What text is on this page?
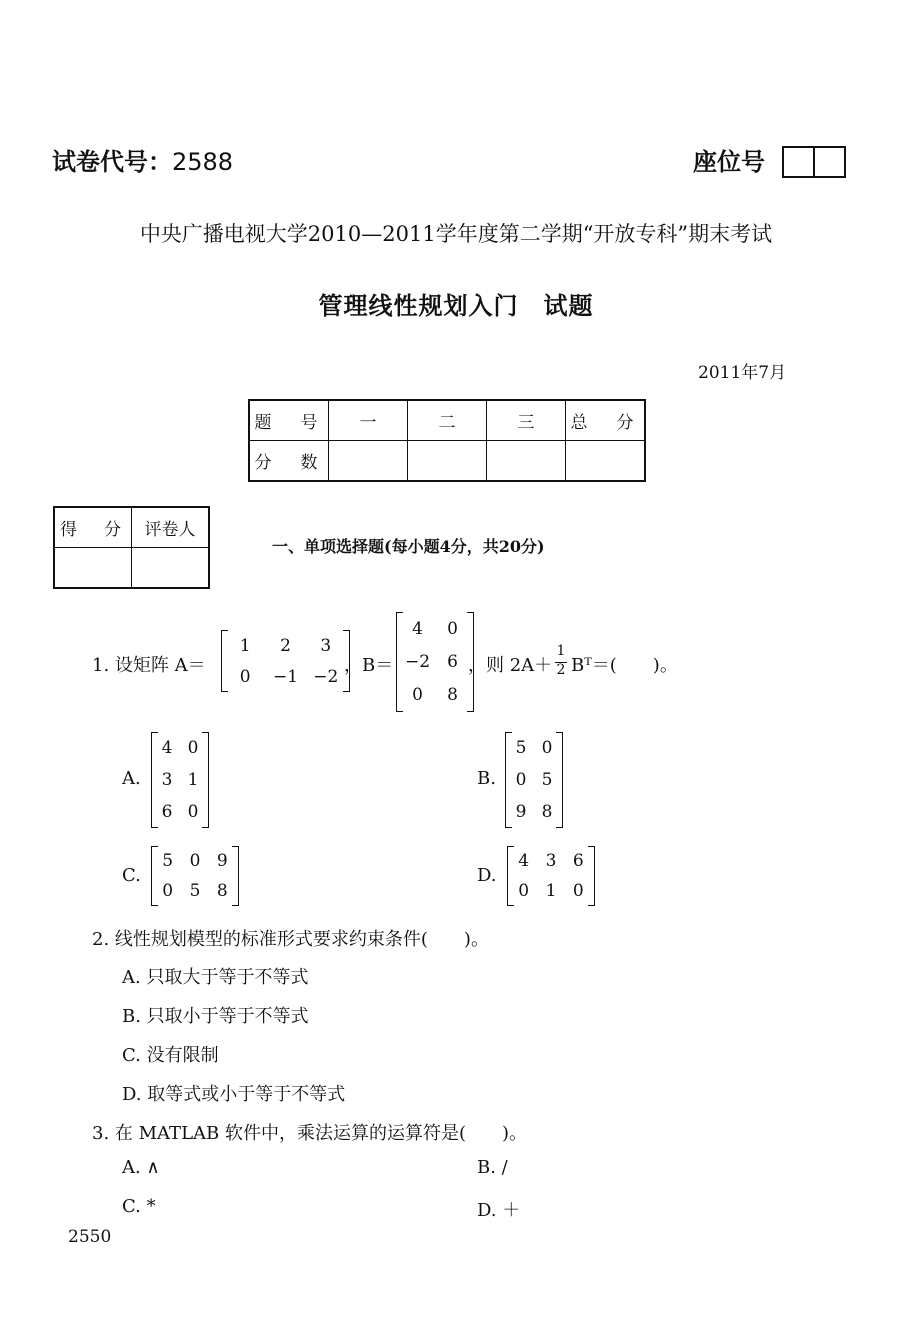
试卷代号：2588	座位号
中央广播电视大学2010—2011学年度第二学期“开放专科”期末考试
管理线性规划入门　试题
2011年7月
题　号	一	二	三	总　分
分　数				
得　分	评卷人

一、单项选择题(每小题4分，共20分)
1. 设矩阵 A＝
1 2 3
0 −1 −2
，B＝
4 0
−2 6
0 8
，则 2A＋
1
2 Bᵀ＝(　　)。
A.
4 0
3 1
6 0
B.
5 0
0 5
9 8
C.
5 0 9
0 5 8
D.
4 3 6
0 1 0
2. 线性规划模型的标准形式要求约束条件(　　)。
A. 只取大于等于不等式
B. 只取小于等于不等式
C. 没有限制
D. 取等式或小于等于不等式
3. 在 MATLAB 软件中，乘法运算的运算符是(　　)。
A. ∧	B. /
C. *	D. ＋
2550
